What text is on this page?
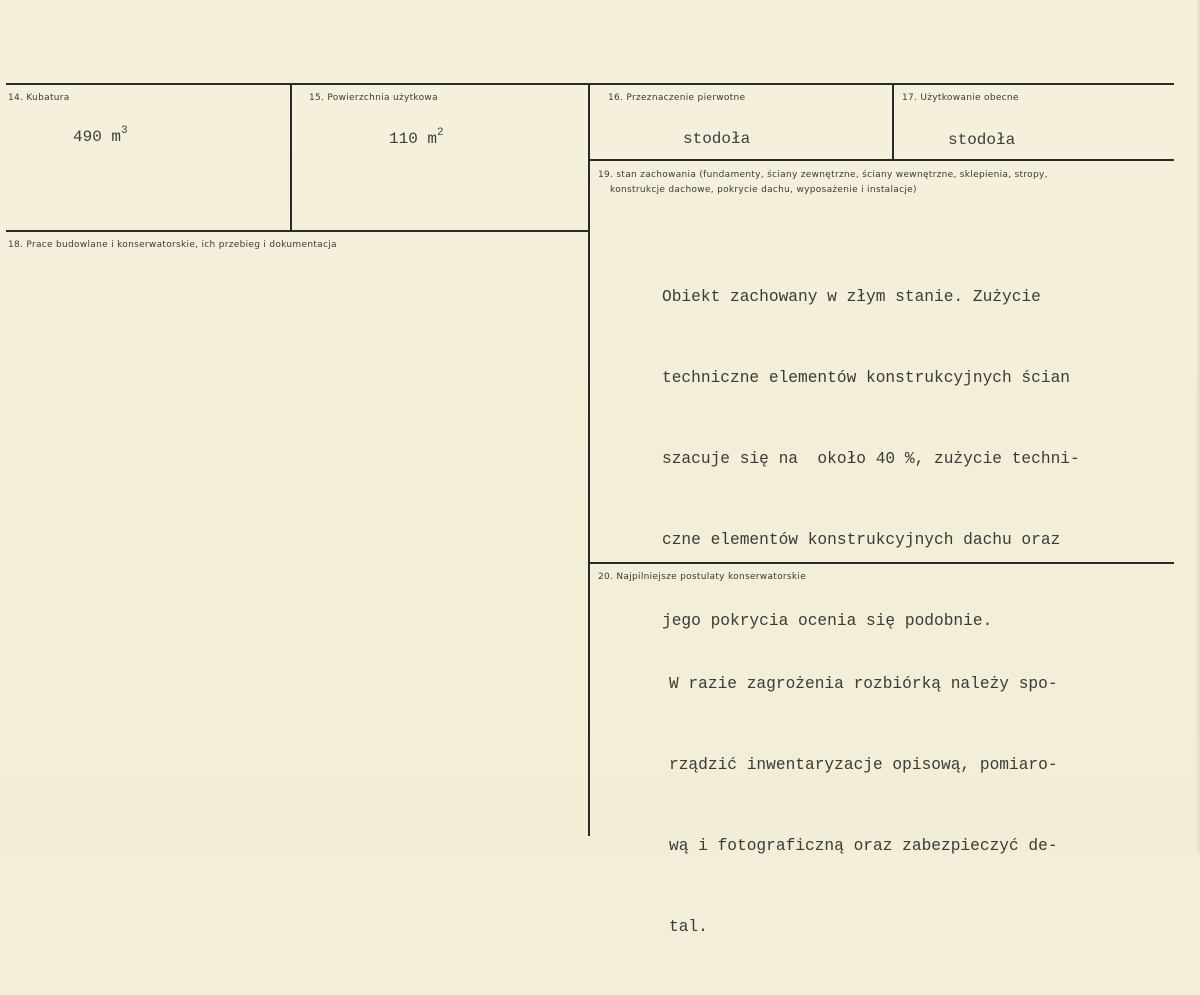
14. Kubatura
490 $m^3$
15. Powierzchnia użytkowa
110 $m^2$
16. Przeznaczenie pierwotne
stodoła
17. Użytkowanie obecne
stodoła
18. Prace budowlane i konserwatorskie, ich przebieg i dokumentacja
19. stan zachowania (fundamenty, ściany zewnętrzne, ściany wewnętrzne, sklepienia, stropy,
konstrukcje dachowe, pokrycie dachu, wyposażenie i instalacje)

Obiekt zachowany w złym stanie. Zużycie

techniczne elementów konstrukcyjnych ścian

szacuje się na  około 40 %, zużycie techni-

czne elementów konstrukcyjnych dachu oraz

jego pokrycia ocenia się podobnie.

20. Najpilniejsze postulaty konserwatorskie

W razie zagrożenia rozbiórką należy spo-

rządzić inwentaryzacje opisową, pomiaro-

wą i fotograficzną oraz zabezpieczyć de-

tal.
